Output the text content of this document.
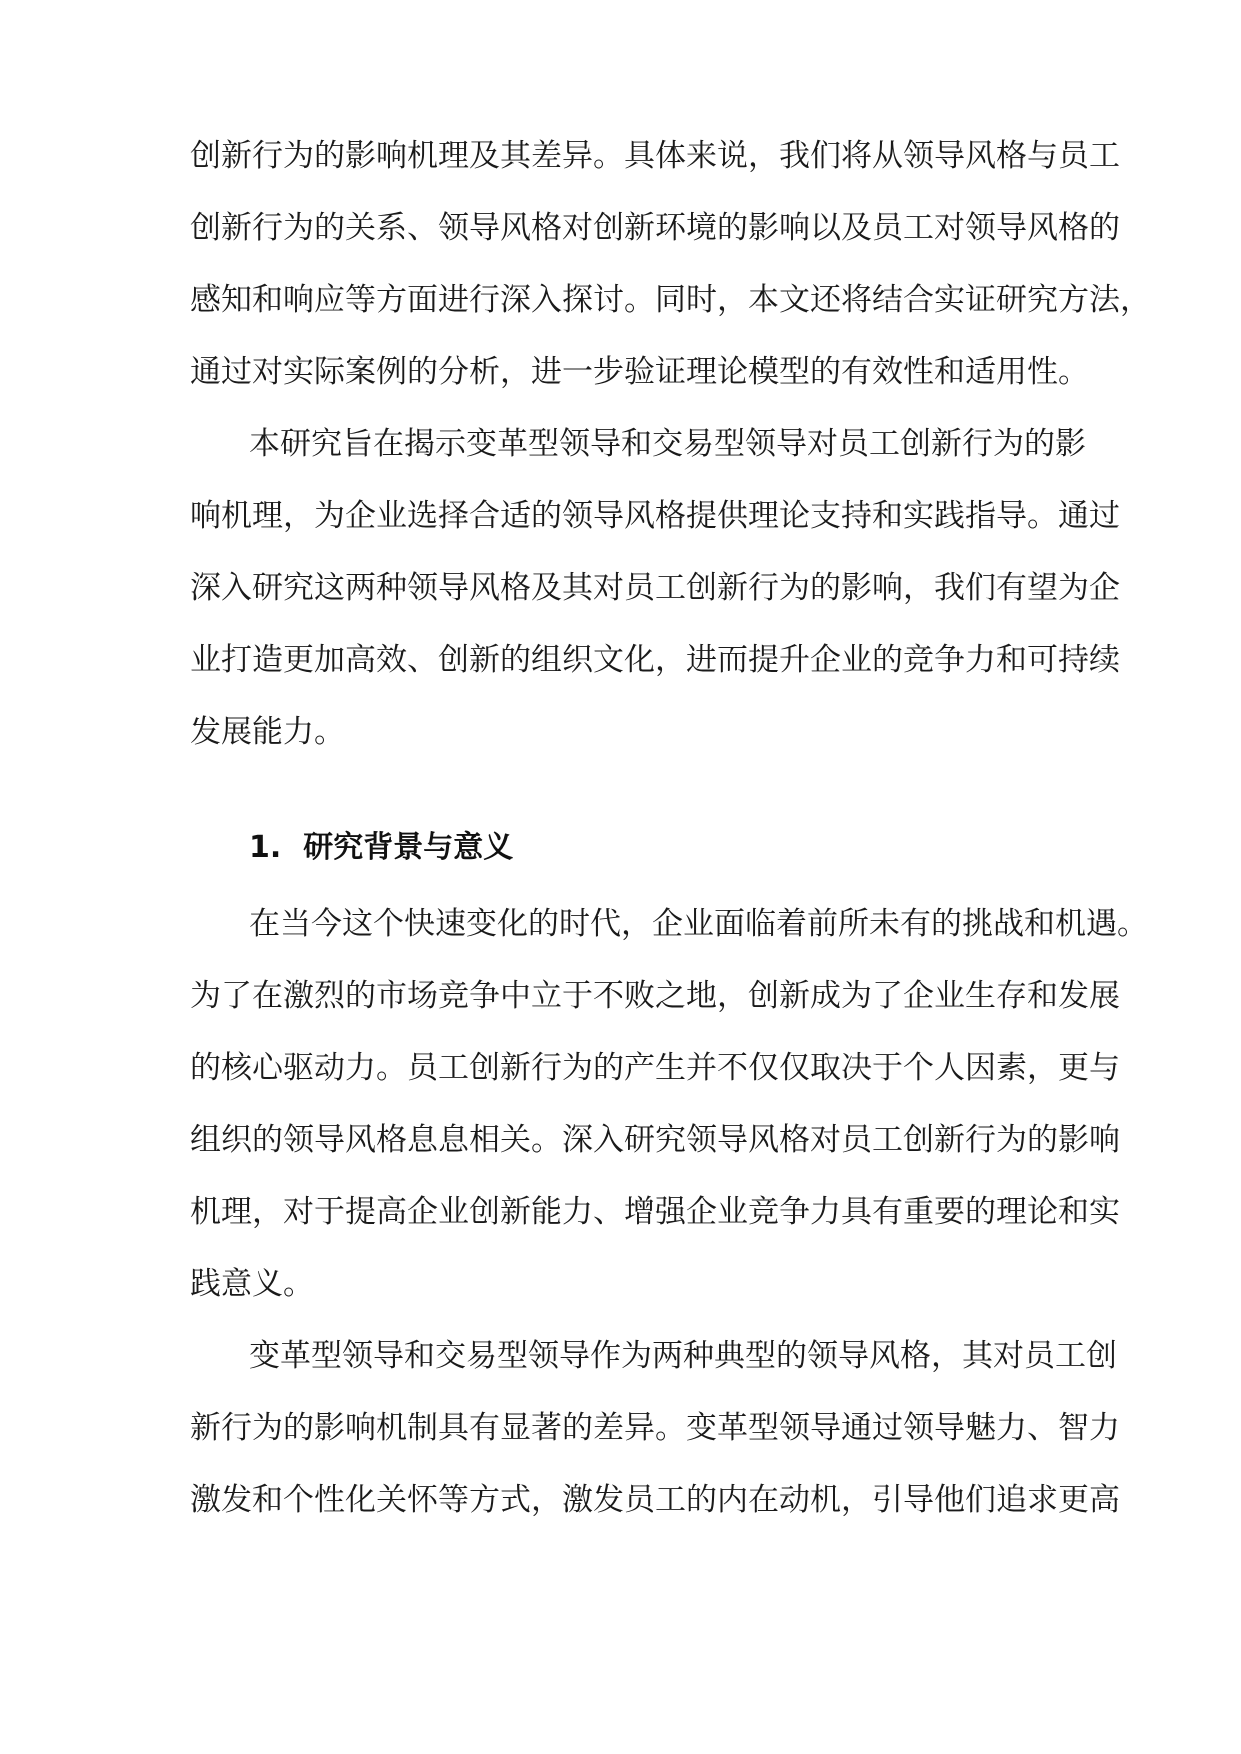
创新行为的影响机理及其差异。具体来说，我们将从领导风格与员工

创新行为的关系、领导风格对创新环境的影响以及员工对领导风格的

感知和响应等方面进行深入探讨。同时，本文还将结合实证研究方法，

通过对实际案例的分析，进一步验证理论模型的有效性和适用性。

本研究旨在揭示变革型领导和交易型领导对员工创新行为的影

响机理，为企业选择合适的领导风格提供理论支持和实践指导。通过

深入研究这两种领导风格及其对员工创新行为的影响，我们有望为企

业打造更加高效、创新的组织文化，进而提升企业的竞争力和可持续

发展能力。

1. 研究背景与意义

在当今这个快速变化的时代，企业面临着前所未有的挑战和机遇。

为了在激烈的市场竞争中立于不败之地，创新成为了企业生存和发展

的核心驱动力。员工创新行为的产生并不仅仅取决于个人因素，更与

组织的领导风格息息相关。深入研究领导风格对员工创新行为的影响

机理，对于提高企业创新能力、增强企业竞争力具有重要的理论和实

践意义。

变革型领导和交易型领导作为两种典型的领导风格，其对员工创

新行为的影响机制具有显著的差异。变革型领导通过领导魅力、智力

激发和个性化关怀等方式，激发员工的内在动机，引导他们追求更高
